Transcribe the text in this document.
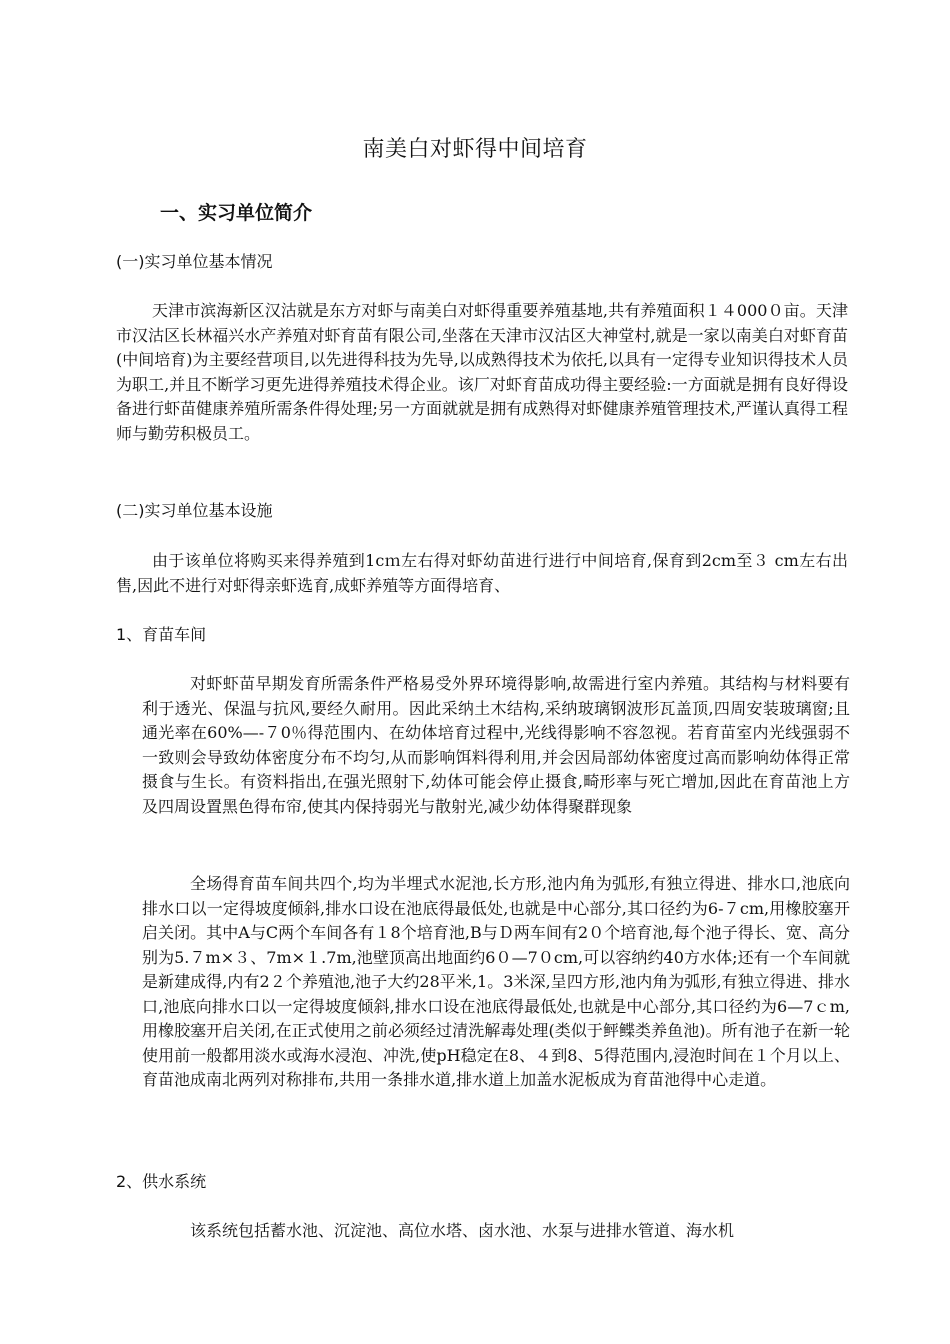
南美白对虾得中间培育
一、实习单位简介
(一)实习单位基本情况

天津市滨海新区汉沽就是东方对虾与南美白对虾得重要养殖基地,共有养殖面积１４000０亩。天津市汉沽区长林福兴水产养殖对虾育苗有限公司,坐落在天津市汉沽区大神堂村,就是一家以南美白对虾育苗(中间培育)为主要经营项目,以先进得科技为先导,以成熟得技术为依托,以具有一定得专业知识得技术人员为职工,并且不断学习更先进得养殖技术得企业。该厂对虾育苗成功得主要经验:一方面就是拥有良好得设备进行虾苗健康养殖所需条件得处理;另一方面就就是拥有成熟得对虾健康养殖管理技术,严谨认真得工程师与勤劳积极员工。

(二)实习单位基本设施

由于该单位将购买来得养殖到1cｍ左右得对虾幼苗进行进行中间培育,保育到2cm至３ cm左右出售,因此不进行对虾得亲虾选育,成虾养殖等方面得培育、

1、育苗车间

对虾虾苗早期发育所需条件严格易受外界环境得影响,故需进行室内养殖。其结构与材料要有利于透光、保温与抗风,要经久耐用。因此采纳土木结构,采纳玻璃钢波形瓦盖顶,四周安装玻璃窗;且通光率在60%—-７0％得范围内、在幼体培育过程中,光线得影响不容忽视。若育苗室内光线强弱不一致则会导致幼体密度分布不均匀,从而影响饵料得利用,并会因局部幼体密度过高而影响幼体得正常摄食与生长。有资料指出,在强光照射下,幼体可能会停止摄食,畸形率与死亡增加,因此在育苗池上方及四周设置黑色得布帘,使其内保持弱光与散射光,减少幼体得聚群现象

全场得育苗车间共四个,均为半埋式水泥池,长方形,池内角为弧形,有独立得进、排水口,池底向排水口以一定得坡度倾斜,排水口设在池底得最低处,也就是中心部分,其口径约为6-７cm,用橡胶塞开启关闭。其中A与C两个车间各有１8个培育池,B与Ｄ两车间有2０个培育池,每个池子得长、宽、高分别为5.７m×３、7m×１.7m,池壁顶高出地面约6０—7０cm,可以容纳约40方水体;还有一个车间就是新建成得,内有2２个养殖池,池子大约28平米,1。3米深,呈四方形,池内角为弧形,有独立得进、排水口,池底向排水口以一定得坡度倾斜,排水口设在池底得最低处,也就是中心部分,其口径约为6—7ｃm,用橡胶塞开启关闭,在正式使用之前必须经过清洗解毒处理(类似于鲆鲽类养鱼池)。所有池子在新一轮使用前一般都用淡水或海水浸泡、冲洗,使pH稳定在8、４到8、5得范围内,浸泡时间在１个月以上、育苗池成南北两列对称排布,共用一条排水道,排水道上加盖水泥板成为育苗池得中心走道。

2、供水系统

该系统包括蓄水池、沉淀池、高位水塔、卤水池、水泵与进排水管道、海水机
